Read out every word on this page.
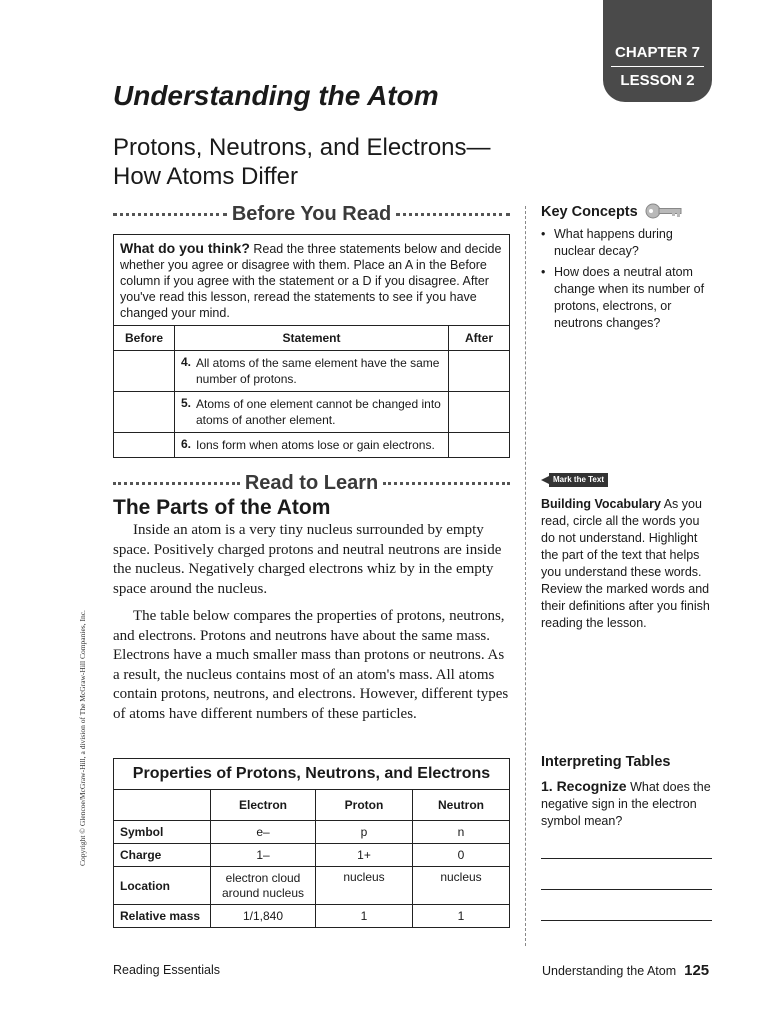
CHAPTER 7
LESSON 2
Understanding the Atom
Protons, Neutrons, and Electrons—
How Atoms Differ
Before You Read
What do you think? Read the three statements below and decide whether you agree or disagree with them. Place an A in the Before column if you agree with the statement or a D if you disagree. After you've read this lesson, reread the statements to see if you have changed your mind.
Before	Statement		After
	4.	All atoms of the same element have the same number of protons.	
	5.	Atoms of one element cannot be changed into atoms of another element.	
	6.	Ions form when atoms lose or gain electrons.	
Read to Learn
The Parts of the Atom

Inside an atom is a very tiny nucleus surrounded by empty space. Positively charged protons and neutral neutrons are inside the nucleus. Negatively charged electrons whiz by in the empty space around the nucleus.

The table below compares the properties of protons, neutrons, and electrons. Protons and neutrons have about the same mass. Electrons have a much smaller mass than protons or neutrons. As a result, the nucleus contains most of an atom's mass. All atoms contain protons, neutrons, and electrons. However, different types of atoms have different numbers of these particles.

Properties of Protons, Neutrons, and Electrons			
	Electron	Proton	Neutron
Symbol	e–	p	n
Charge	1–	1+	0
Location	electron cloud around nucleus	nucleus	nucleus
Relative mass	1/1,840	1	1
Key Concepts
• What happens during nuclear decay?
• How does a neutral atom change when its number of protons, electrons, or neutrons changes?
Mark the Text

Building Vocabulary As you read, circle all the words you do not understand. Highlight the part of the text that helps you understand these words. Review the marked words and their definitions after you finish reading the lesson.

Interpreting Tables

1. Recognize What does the negative sign in the electron symbol mean?

Copyright © Glencoe/McGraw-Hill, a division of The McGraw-Hill Companies, Inc.
Reading Essentials	Understanding the Atom 125
